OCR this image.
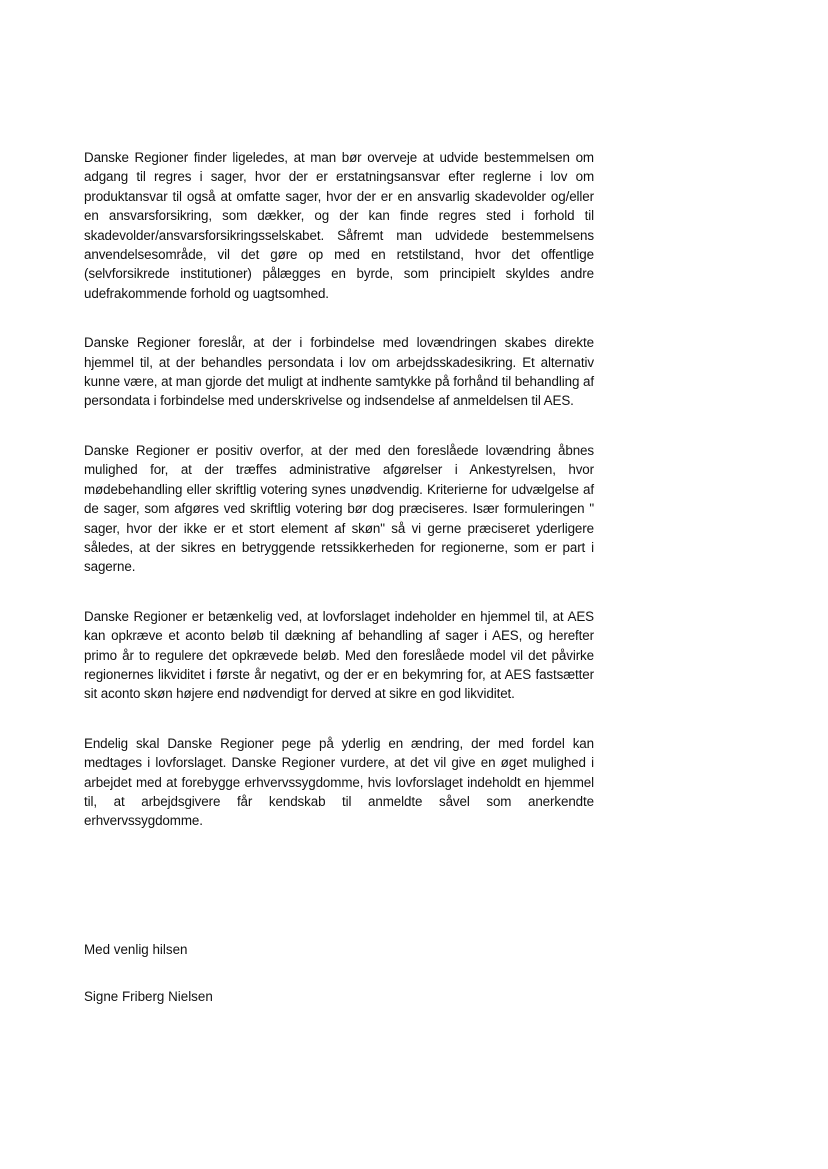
Danske Regioner finder ligeledes, at man bør overveje at udvide bestemmelsen om adgang til regres i sager, hvor der er erstatningsansvar efter reglerne i lov om produktansvar til også at omfatte sager, hvor der er en ansvarlig skadevolder og/eller en ansvarsforsikring, som dækker, og der kan finde regres sted i forhold til skadevolder/ansvarsforsikringsselskabet. Såfremt man udvidede bestemmelsens anvendelsesområde, vil det gøre op med en retstilstand, hvor det offentlige (selvforsikrede institutioner) pålægges en byrde, som principielt skyldes andre udefrakommende forhold og uagtsomhed.

Danske Regioner foreslår, at der i forbindelse med lovændringen skabes direkte hjemmel til, at der behandles persondata i lov om arbejdsskadesikring. Et alternativ kunne være, at man gjorde det muligt at indhente samtykke på forhånd til behandling af persondata i forbindelse med underskrivelse og indsendelse af anmeldelsen til AES.

Danske Regioner er positiv overfor, at der med den foreslåede lovændring åbnes mulighed for, at der træffes administrative afgørelser i Ankestyrelsen, hvor mødebehandling eller skriftlig votering synes unødvendig. Kriterierne for udvælgelse af de sager, som afgøres ved skriftlig votering bør dog præciseres. Især formuleringen " sager, hvor der ikke er et stort element af skøn" så vi gerne præciseret yderligere således, at der sikres en betryggende retssikkerheden for regionerne, som er part i sagerne.

Danske Regioner er betænkelig ved, at lovforslaget indeholder en hjemmel til, at AES kan opkræve et aconto beløb til dækning af behandling af sager i AES, og herefter primo år to regulere det opkrævede beløb. Med den foreslåede model vil det påvirke regionernes likviditet i første år negativt, og der er en bekymring for, at AES fastsætter sit aconto skøn højere end nødvendigt for derved at sikre en god likviditet.

Endelig skal Danske Regioner pege på yderlig en ændring, der med fordel kan medtages i lovforslaget. Danske Regioner vurdere, at det vil give en øget mulighed i arbejdet med at forebygge erhvervssygdomme, hvis lovforslaget indeholdt en hjemmel til, at arbejdsgivere får kendskab til anmeldte såvel som anerkendte erhvervssygdomme.

Med venlig hilsen

Signe Friberg Nielsen
